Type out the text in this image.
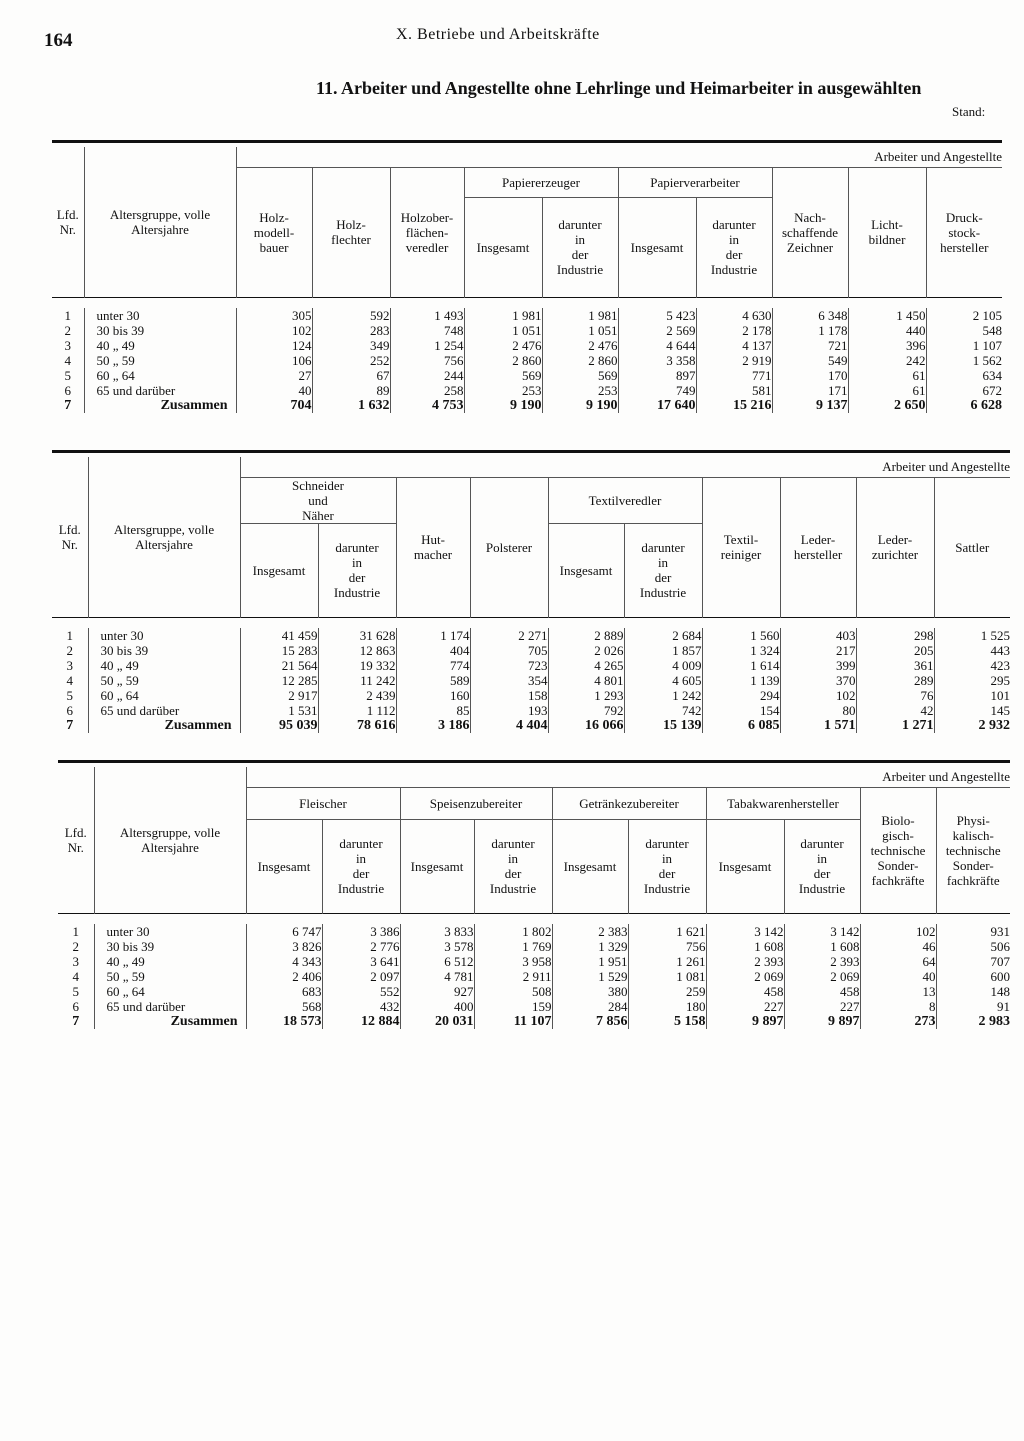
164	X. Betriebe und Arbeitskräfte
11. Arbeiter und Angestellte ohne Lehrlinge und Heimarbeiter in ausgewählten
Stand:

Lfd. Nr.	Altersgruppe, volle Altersjahre	Arbeiter und Angestellte									
		Holz-
modell-
bauer	Holz-
flechter	Holzober-
flächen-
veredler	Papiererzeuger		Papierverarbeiter		Nach-
schaffende
Zeichner	Licht-
bildner	Druck-
stock-
hersteller
					Insgesamt	darunter
in
der
Industrie	Insgesamt	darunter
in
der
Industrie			

1	unter 30	305	592	1 493	1 981	1 981	5 423	4 630	6 348	1 450	2 105
2	30 bis 39	102	283	748	1 051	1 051	2 569	2 178	1 178	440	548
3	40 „ 49	124	349	1 254	2 476	2 476	4 644	4 137	721	396	1 107
4	50 „ 59	106	252	756	2 860	2 860	3 358	2 919	549	242	1 562
5	60 „ 64	27	67	244	569	569	897	771	170	61	634
6	65 und darüber	40	89	258	253	253	749	581	171	61	672
7	Zusammen	704	1 632	4 753	9 190	9 190	17 640	15 216	9 137	2 650	6 628

Lfd. Nr.	Altersgruppe, volle Altersjahre	Arbeiter und Angestellte									
		Schneider
und
Näher		Hut-
macher	Polsterer	Textilveredler		Textil-
reiniger	Leder-
hersteller	Leder-
zurichter	Sattler
		Insgesamt	darunter
in
der
Industrie			Insgesamt	darunter
in
der
Industrie				

1	unter 30	41 459	31 628	1 174	2 271	2 889	2 684	1 560	403	298	1 525
2	30 bis 39	15 283	12 863	404	705	2 026	1 857	1 324	217	205	443
3	40 „ 49	21 564	19 332	774	723	4 265	4 009	1 614	399	361	423
4	50 „ 59	12 285	11 242	589	354	4 801	4 605	1 139	370	289	295
5	60 „ 64	2 917	2 439	160	158	1 293	1 242	294	102	76	101
6	65 und darüber	1 531	1 112	85	193	792	742	154	80	42	145
7	Zusammen	95 039	78 616	3 186	4 404	16 066	15 139	6 085	1 571	1 271	2 932

Lfd. Nr.	Altersgruppe, volle Altersjahre	Arbeiter und Angestellte									
		Fleischer		Speisenzubereiter		Getränkezubereiter		Tabakwarenhersteller		Biolo-
gisch-
technische
Sonder-
fachkräfte	Physi-
kalisch-
technische
Sonder-
fachkräfte
		Insgesamt	darunter
in
der
Industrie	Insgesamt	darunter
in
der
Industrie	Insgesamt	darunter
in
der
Industrie	Insgesamt	darunter
in
der
Industrie		

1	unter 30	6 747	3 386	3 833	1 802	2 383	1 621	3 142	3 142	102	931
2	30 bis 39	3 826	2 776	3 578	1 769	1 329	756	1 608	1 608	46	506
3	40 „ 49	4 343	3 641	6 512	3 958	1 951	1 261	2 393	2 393	64	707
4	50 „ 59	2 406	2 097	4 781	2 911	1 529	1 081	2 069	2 069	40	600
5	60 „ 64	683	552	927	508	380	259	458	458	13	148
6	65 und darüber	568	432	400	159	284	180	227	227	8	91
7	Zusammen	18 573	12 884	20 031	11 107	7 856	5 158	9 897	9 897	273	2 983
